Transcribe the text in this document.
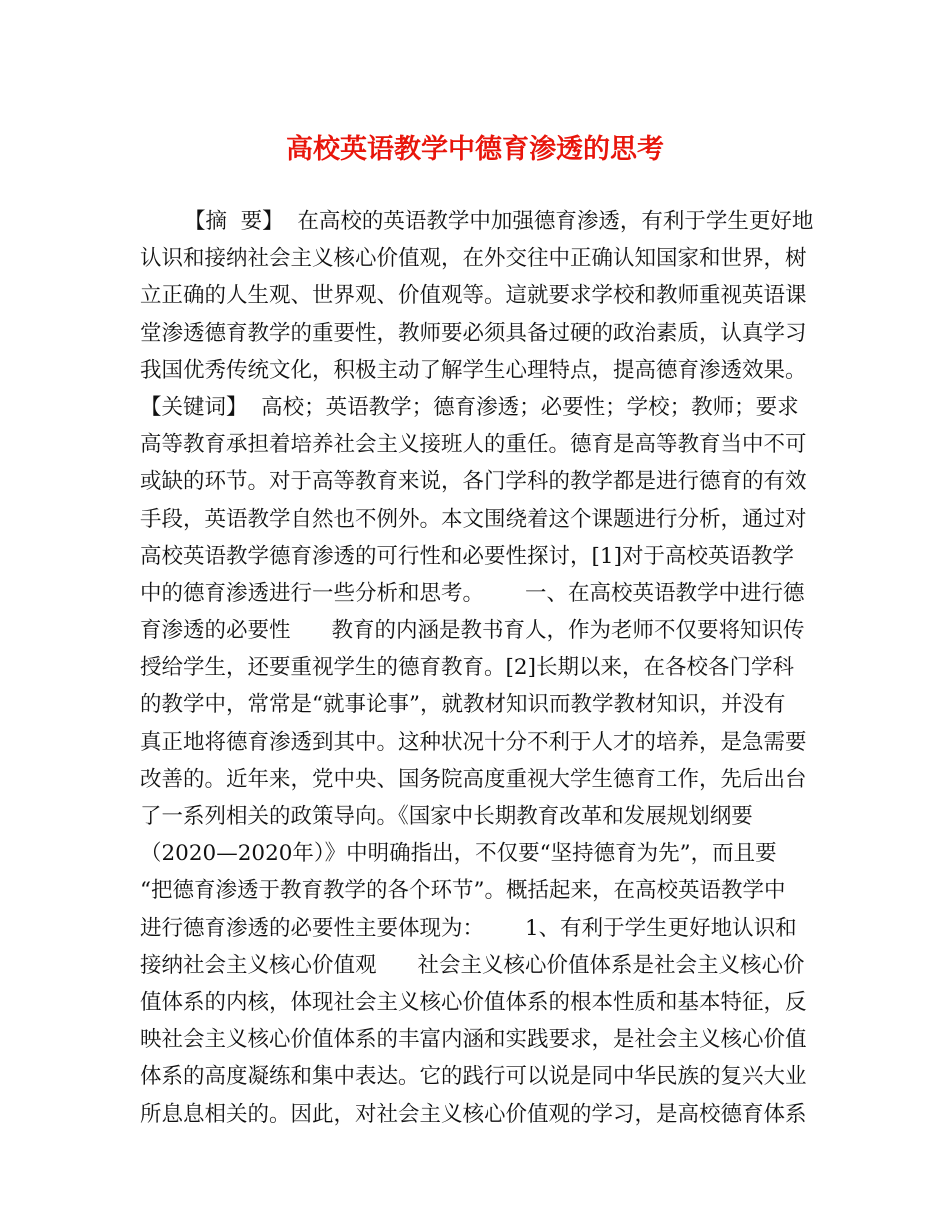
高校英语教学中德育渗透的思考
【摘  要】  在高校的英语教学中加强德育渗透，有利于学生更好地
认识和接纳社会主义核心价值观，在外交往中正确认知国家和世界，树
立正确的人生观、世界观、价值观等。這就要求学校和教师重视英语课
堂渗透德育教学的重要性，教师要必须具备过硬的政治素质，认真学习
我国优秀传统文化，积极主动了解学生心理特点，提高德育渗透效果。
【关键词】  高校；英语教学；德育渗透；必要性；学校；教师；要求
高等教育承担着培养社会主义接班人的重任。德育是高等教育当中不可
或缺的环节。对于高等教育来说，各门学科的教学都是进行德育的有效
手段，英语教学自然也不例外。本文围绕着这个课题进行分析，通过对
高校英语教学德育渗透的可行性和必要性探讨，[1]对于高校英语教学
中的德育渗透进行一些分析和思考。      一、在高校英语教学中进行德
育渗透的必要性      教育的内涵是教书育人，作为老师不仅要将知识传
授给学生，还要重视学生的德育教育。[2]长期以来，在各校各门学科
的教学中，常常是“就事论事”，就教材知识而教学教材知识，并没有
真正地将德育渗透到其中。这种状况十分不利于人才的培养，是急需要
改善的。近年来，党中央、国务院高度重视大学生德育工作，先后出台
了一系列相关的政策导向。《国家中长期教育改革和发展规划纲要
（2020—2020年）》中明确指出，不仅要“坚持德育为先”，而且要
“把德育渗透于教育教学的各个环节”。概括起来，在高校英语教学中
进行德育渗透的必要性主要体现为：      1、有利于学生更好地认识和
接纳社会主义核心价值观      社会主义核心价值体系是社会主义核心价
值体系的内核，体现社会主义核心价值体系的根本性质和基本特征，反
映社会主义核心价值体系的丰富内涵和实践要求，是社会主义核心价值
体系的高度凝练和集中表达。它的践行可以说是同中华民族的复兴大业
所息息相关的。因此，对社会主义核心价值观的学习，是高校德育体系
